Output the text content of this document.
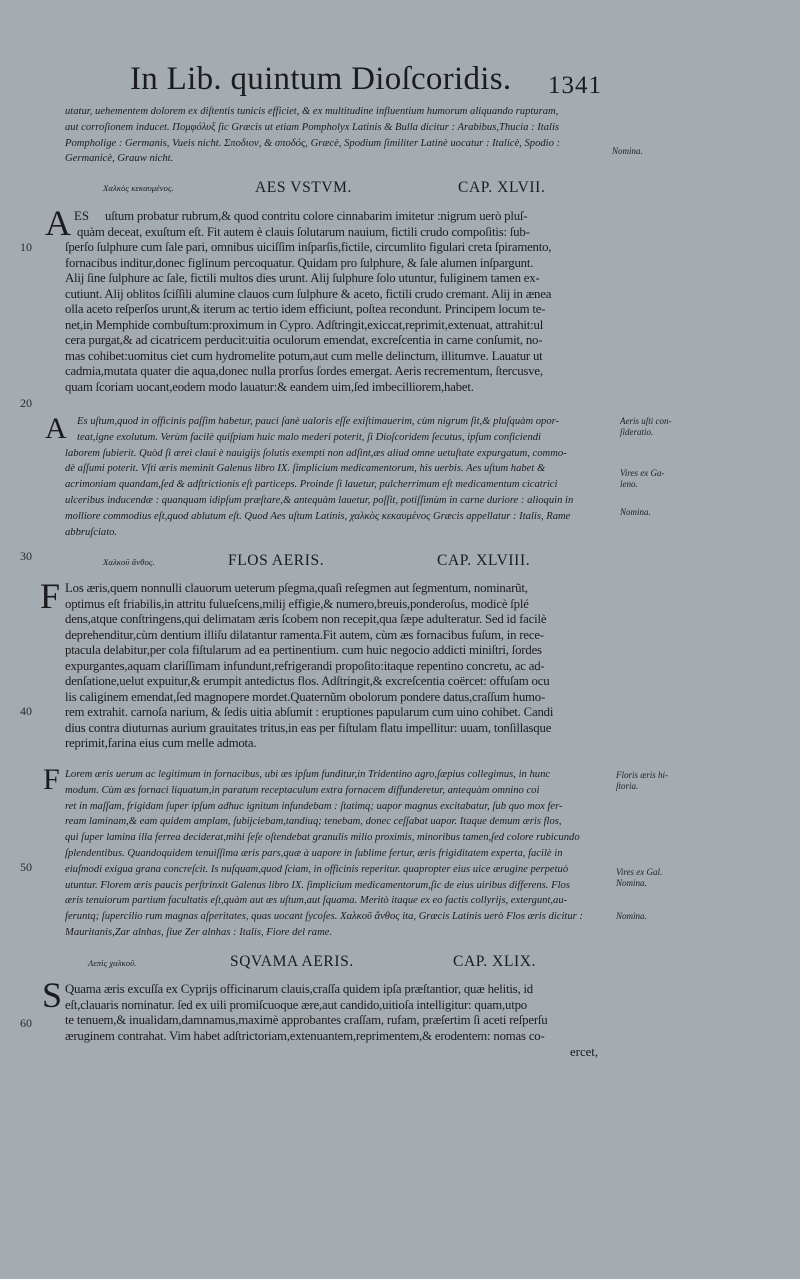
In Lib. quintum Dioſcoridis. 1341
utatur, uehementem dolorem ex diſtentis tunicis efficiet, & ex multitudine influentium humorum aliquando rupturam,
aut corroſionem inducet. Πομφόλυξ ſic Græcis ut etiam Pompholyx Latinis & Bulla dicitur : Arabibus,Thucia : Italis
Pompholige : Germanis, Vueis nicht. Σποδιον, & σποδός, Græcè, Spodium ſimiliter Latinè uocatur : Italicè, Spodio :
Germanicè, Grauw nicht.
Nomina.
Χαλκὸς κεκαυμένος.	AES VSTVM.	CAP. XLVII.
A ES	uſtum probatur rubrum,& quod contritu colore cinnabarim imitetur :nigrum uerò pluſ-
quàm deceat, exuſtum eſt. Fit autem è clauis ſolutarum nauium, fictili crudo compoſitis: ſub-
ſperſo ſulphure cum ſale pari, omnibus uiciſſim inſparſis,fictile, circumlito figulari creta ſpiramento,
fornacibus inditur,donec figlinum percoquatur. Quidam pro ſulphure, & ſale alumen inſpargunt.
Alij ſine ſulphure ac ſale, fictili multos dies urunt. Alij ſulphure ſolo utuntur, fuliginem tamen ex-
cutiunt. Alij oblitos ſciſſili alumine clauos cum ſulphure & aceto, fictili crudo cremant. Alij in ænea
olla aceto reſperſos urunt,& iterum ac tertio idem efficiunt, poſtea recondunt. Principem locum te-
net,in Memphide combuſtum:proximum in Cypro. Adſtringit,exiccat,reprimit,extenuat, attrahit:ul
cera purgat,& ad cicatricem perducit:uitia oculorum emendat, excreſcentia in carne conſumit, no-
mas cohibet:uomitus ciet cum hydromelite potum,aut cum melle delinctum, illitumve. Lauatur ut
cadmia,mutata quater die aqua,donec nulla prorſus ſordes emergat. Aeris recrementum, ſtercusve,
quam ſcoriam uocant,eodem modo lauatur:& eandem uim,ſed imbecilliorem,habet.
A Es uſtum,quod in officinis paſſim habetur, pauci ſanè ualoris eſſe exiſtimauerim, cùm nigrum ſit,& pluſquàm opor-
teat,igne exolutum. Verùm facilè quiſpiam huic malo mederi poterit, ſi Dioſcoridem ſecutus, ipſum conficiendi
laborem ſubierit. Quòd ſi ærei claui è nauigijs ſolutis exempti non adſint,æs aliud omne uetuſtate expurgatum, commo-
dè aſſumi poterit. Vſti æris meminit Galenus libro IX. ſimplicium medicamentorum, his uerbis. Aes uſtum habet &
acrimoniam quandam,ſed & adſtrictionis eſt particeps. Proinde ſi lauetur, pulcherrimum eſt medicamentum cicatrici
ulceribus inducendæ : quanquam idipſum præſtare,& antequàm lauetur, poſſit, potiſſimùm in carne duriore : alioquin in
molliore commodius eſt,quod ablutum eſt. Quod Aes uſtum Latinis, χαλκὸς κεκαυμένος Græcis appellatur : Italis, Rame
abbruſciato.
Aeris uſti con-
ſideratio.
Vires ex Ga-
leno.
Nomina.
Χαλκοῦ ἄνθος.	FLOS AERIS.	CAP. XLVIII.
F Los æris,quem nonnulli clauorum ueterum pſegma,quaſi reſegmen aut ſegmentum, nominarũt,
optimus eſt friabilis,in attritu fulueſcens,milij effigie,& numero,breuis,ponderoſus, modicè ſplé
dens,atque conſtringens,qui delimatam æris ſcobem non recepit,qua ſæpe adulteratur. Sed id facilè
deprehenditur,cùm dentium illiſu dilatantur ramenta.Fit autem, cùm æs fornacibus fuſum, in rece-
ptacula delabitur,per cola fiſtularum ad ea pertinentium. cum huic negocio addicti miniſtri, ſordes
expurgantes,aquam clariſſimam infundunt,refrigerandi propoſito:itaque repentino concretu, ac ad-
denſatione,uelut expuitur,& erumpit antedictus flos. Adſtringit,& excreſcentia coërcet: offuſam ocu
lis caliginem emendat,ſed magnopere mordet.Quaternũm obolorum pondere datus,craſſum humo-
rem extrahit. carnoſa narium, & ſedis uitia abſumit : eruptiones papularum cum uino cohibet. Candi
dius contra diuturnas aurium grauitates tritus,in eas per fiſtulam flatu impellitur: uuam, tonſillasque
reprimit,farina eius cum melle admota.
F Lorem æris uerum ac legitimum in fornacibus, ubi æs ipſum funditur,in Tridentino agro,ſæpius collegimus, in hunc
modum. Cùm æs fornaci liquatum,in paratum receptaculum extra fornacem diffunderetur, antequàm omnino coi
ret in maſſam, frigidam ſuper ipſum adhuc ignitum infundebam : ſtatimq; uapor magnus excitabatur, ſub quo mox fer-
ream laminam,& eam quidem amplam, ſubijciebam,tandiuq; tenebam, donec ceſſabat uapor. Itaque demum æris flos,
qui ſuper lamina illa ferrea deciderat,mihi ſeſe oſtendebat granulis milio proximis, minoribus tamen,ſed colore rubicundo
ſplendentibus. Quandoquidem tenuiſſima æris pars,quæ à uapore in ſublime fertur, æris frigiditatem experta, facilè in
eiuſmodi exigua grana concreſcit. Is nuſquam,quod ſciam, in officinis reperitur. quapropter eius uice ærugine perpetuò
utuntur. Florem æris paucis perſtrinxit Galenus libro IX. ſimplicium medicamentorum,ſic de eius uiribus differens. Flos
æris tenuiorum partium facultatis eſt,quàm aut æs uſtum,aut ſquama. Meritò itaque ex eo factis collyrijs, extergunt,au-
feruntq; ſupercilio rum magnas aſperitates, quas uocant ſycoſes. Χαλκοῦ ἄνθος ita, Græcis Latinis uerò Flos æris dicitur :
Mauritanis,Zar alnhas, ſiue Zer alnhas : Italis, Fiore del rame.
Floris æris hi-
ſtoria.
Vires ex Gal.
Nomina.
Nomina.
Λεπὶς χαλκοῦ.	SQVAMA AERIS.	CAP. XLIX.
S Quama æris excuſſa ex Cyprijs officinarum clauis,craſſa quidem ipſa præſtantior, quæ helitis, id
eſt,clauaris nominatur. ſed ex uili promiſcuoque ære,aut candido,uitioſa intelligitur: quam,utpo
te tenuem,& inualidam,damnamus,maximè approbantes craſſam, rufam, præſertim ſi aceti reſperſu
æruginem contrahat. Vim habet adſtrictoriam,extenuantem,reprimentem,& erodentem: nomas co-
ercet,
10
20
30
40
50
60
